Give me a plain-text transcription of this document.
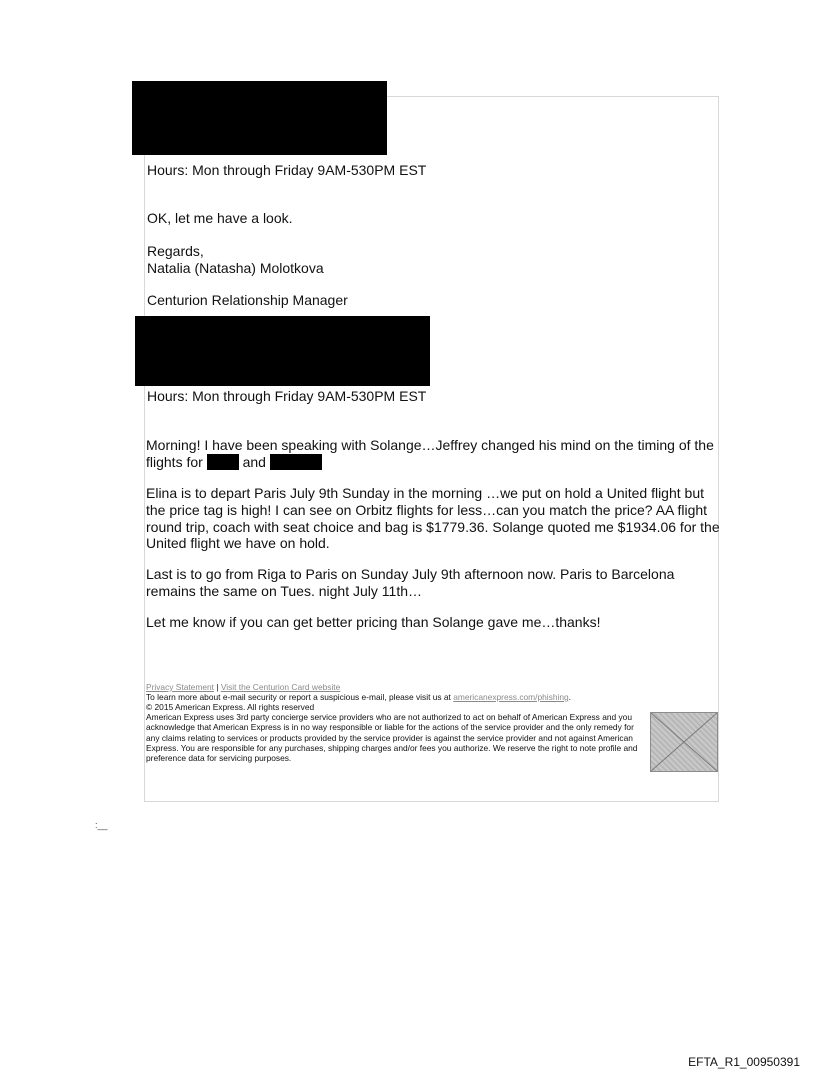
Hours: Mon through Friday 9AM-530PM EST
OK, let me have a look.
Regards,
Natalia (Natasha) Molotkova
Centurion Relationship Manager
Hours: Mon through Friday 9AM-530PM EST
Morning! I have been speaking with Solange…Jeffrey changed his mind on the timing of the flights for	and
Elina is to depart Paris July 9th Sunday in the morning …we put on hold a United flight but the price tag is high! I can see on Orbitz flights for less…can you match the price? AA flight round trip, coach with seat choice and bag is $1779.36. Solange quoted me $1934.06 for the United flight we have on hold.
Last is to go from Riga to Paris on Sunday July 9th afternoon now. Paris to Barcelona remains the same on Tues. night July 11th…
Let me know if you can get better pricing than Solange gave me…thanks!
Privacy Statement | Visit the Centurion Card website
To learn more about e-mail security or report a suspicious e-mail, please visit us at americanexpress.com/phishing.
© 2015 American Express. All rights reserved
American Express uses 3rd party concierge service providers who are not authorized to act on behalf of American Express and you acknowledge that American Express is in no way responsible or liable for the actions of the service provider and the only remedy for any claims relating to services or products provided by the service provider is against the service provider and not against American Express. You are responsible for any purchases, shipping charges and/or fees you authorize. We reserve the right to note profile and preference data for servicing purposes.
:__
EFTA_R1_00950391
